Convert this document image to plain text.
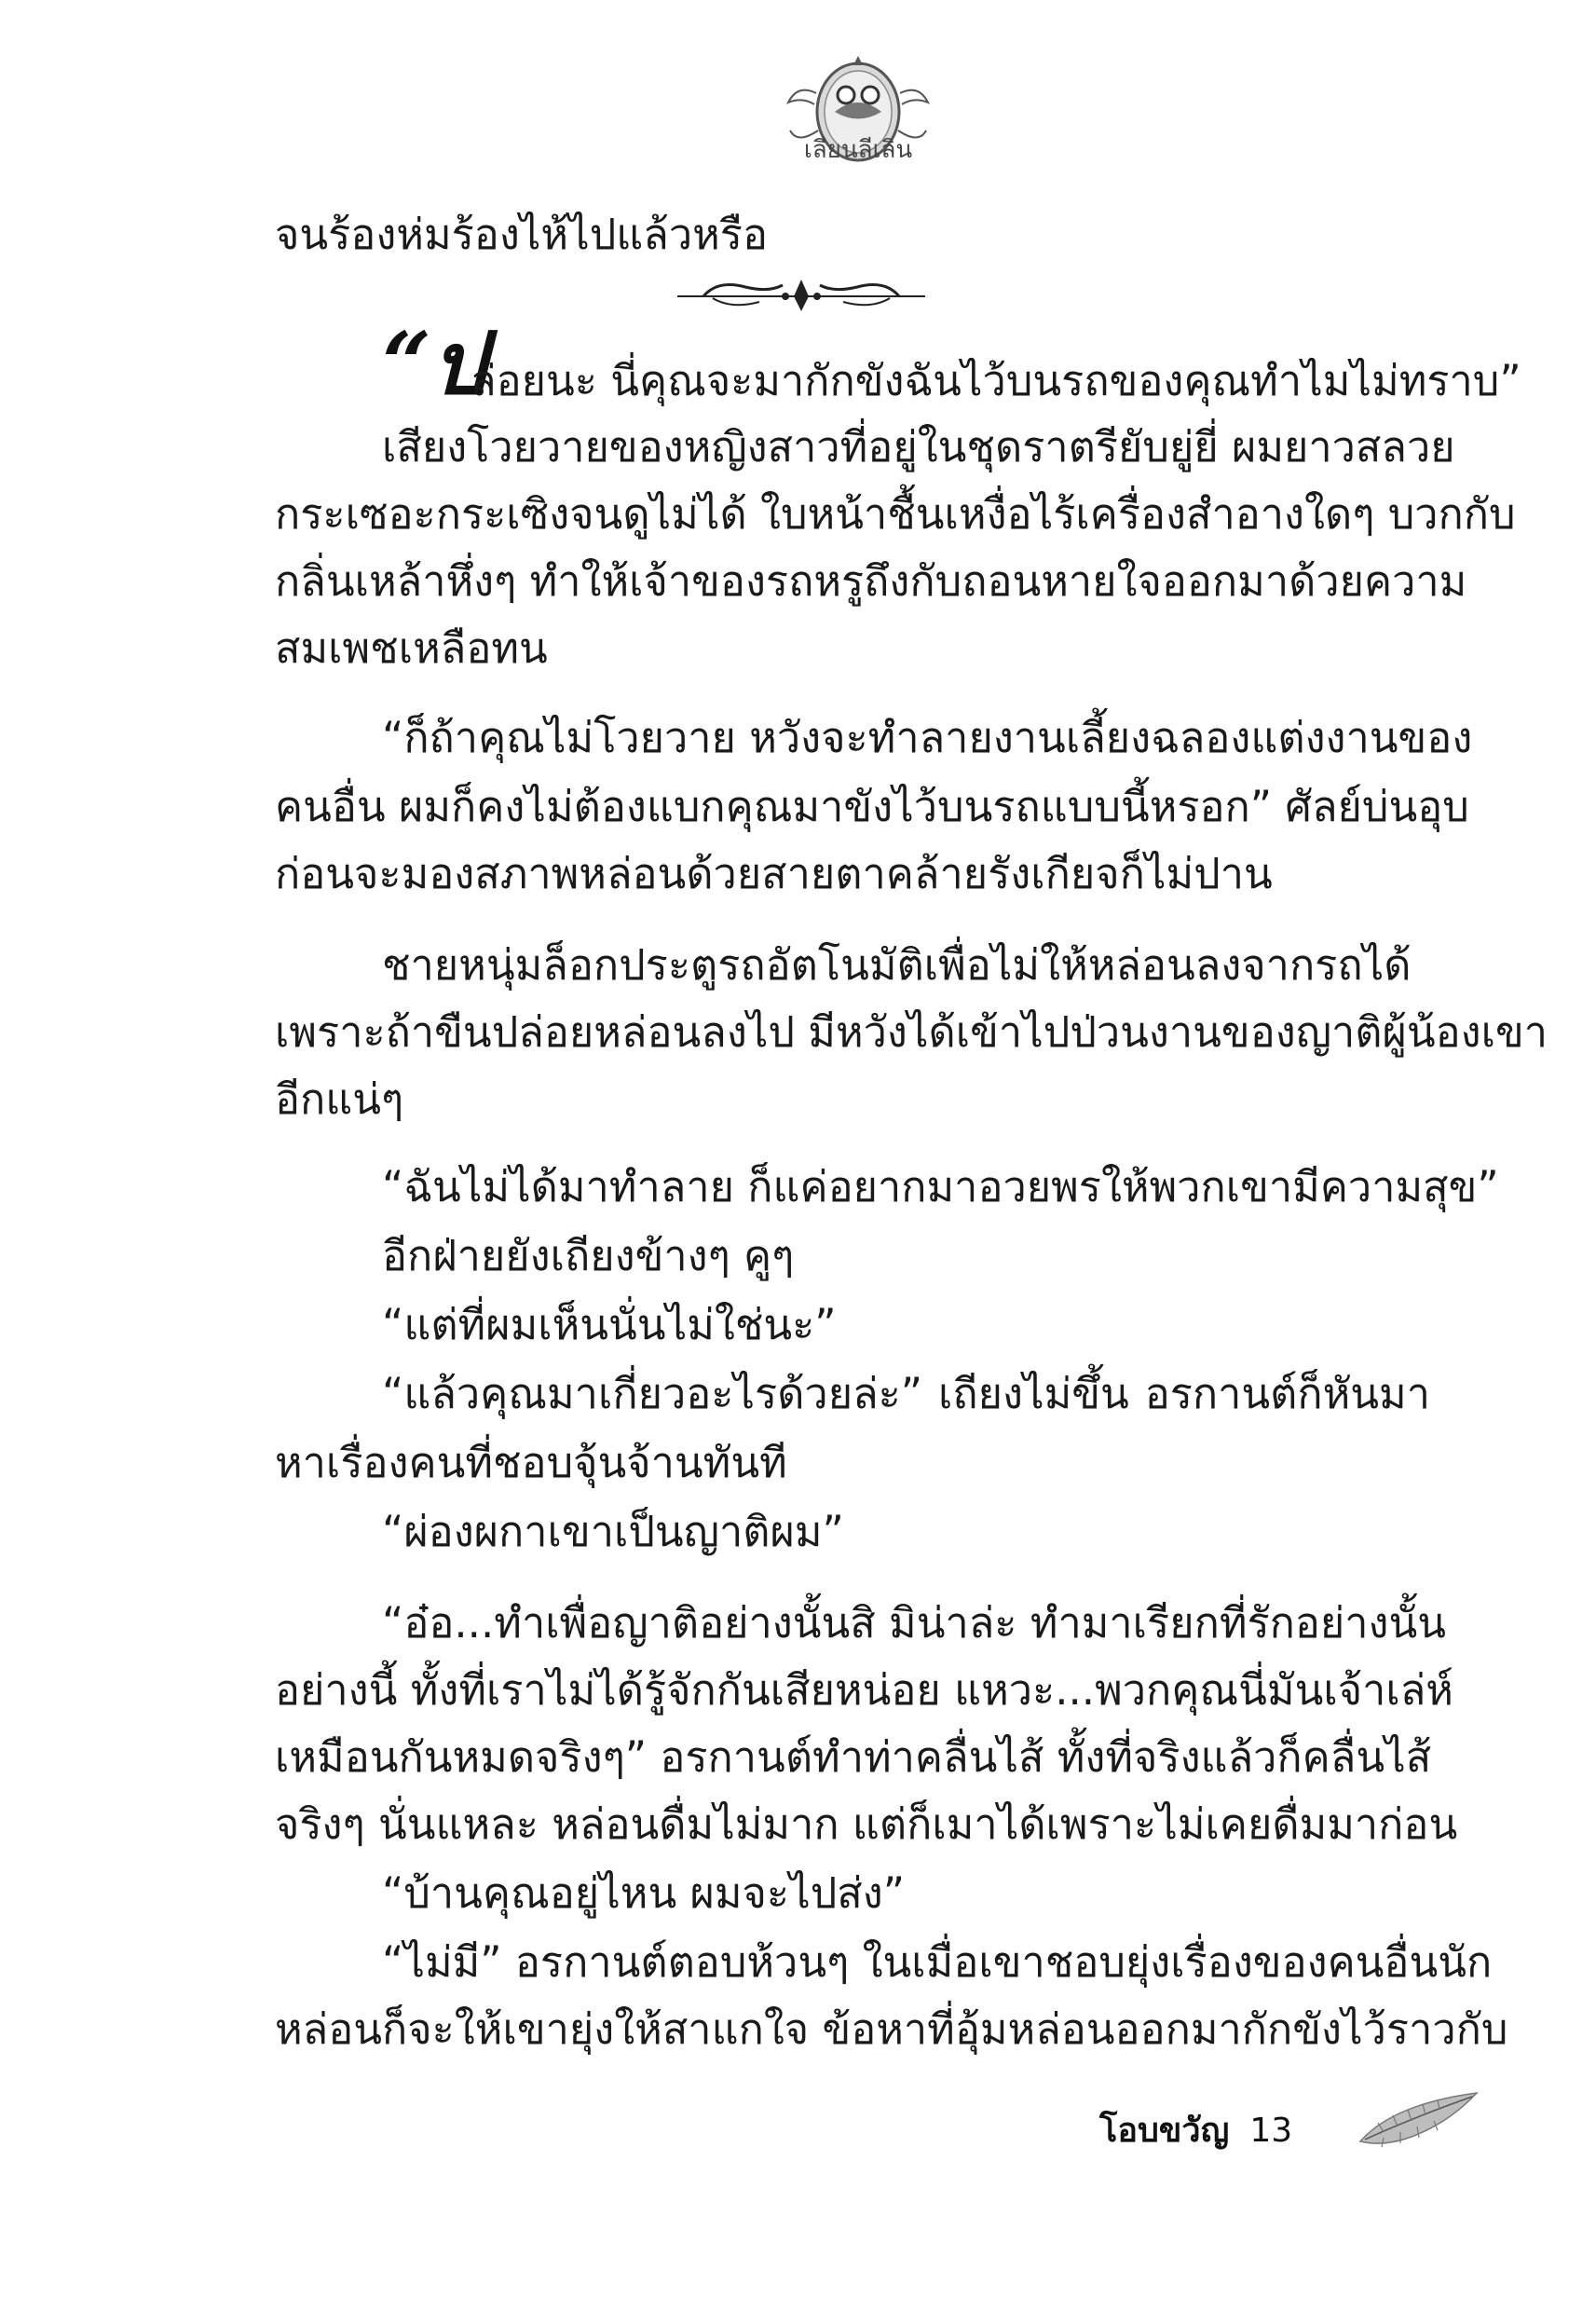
เลียนลีเลิน
จนร้องห่มร้องไห้ไปแล้วหรือ
“ป
ล่อยนะ นี่คุณจะมากักขังฉันไว้บนรถของคุณทำไมไม่ทราบ”
เสียงโวยวายของหญิงสาวที่อยู่ในชุดราตรียับยู่ยี่ ผมยาวสลวย
กระเซอะกระเซิงจนดูไม่ได้ ใบหน้าชื้นเหงื่อไร้เครื่องสำอางใดๆ บวกกับ
กลิ่นเหล้าหึ่งๆ ทำให้เจ้าของรถหรูถึงกับถอนหายใจออกมาด้วยความ
สมเพชเหลือทน
“ก็ถ้าคุณไม่โวยวาย หวังจะทำลายงานเลี้ยงฉลองแต่งงานของ
คนอื่น ผมก็คงไม่ต้องแบกคุณมาขังไว้บนรถแบบนี้หรอก” ศัลย์บ่นอุบ
ก่อนจะมองสภาพหล่อนด้วยสายตาคล้ายรังเกียจก็ไม่ปาน
ชายหนุ่มล็อกประตูรถอัตโนมัติเพื่อไม่ให้หล่อนลงจากรถได้
เพราะถ้าขืนปล่อยหล่อนลงไป มีหวังได้เข้าไปป่วนงานของญาติผู้น้องเขา
อีกแน่ๆ
“ฉันไม่ได้มาทำลาย ก็แค่อยากมาอวยพรให้พวกเขามีความสุข”
อีกฝ่ายยังเถียงข้างๆ คูๆ
“แต่ที่ผมเห็นนั่นไม่ใช่นะ”
“แล้วคุณมาเกี่ยวอะไรด้วยล่ะ” เถียงไม่ขึ้น อรกานต์ก็หันมา
หาเรื่องคนที่ชอบจุ้นจ้านทันที
“ผ่องผกาเขาเป็นญาติผม”
“อ๋อ...ทำเพื่อญาติอย่างนั้นสิ มิน่าล่ะ ทำมาเรียกที่รักอย่างนั้น
อย่างนี้ ทั้งที่เราไม่ได้รู้จักกันเสียหน่อย แหวะ...พวกคุณนี่มันเจ้าเล่ห์
เหมือนกันหมดจริงๆ” อรกานต์ทำท่าคลื่นไส้ ทั้งที่จริงแล้วก็คลื่นไส้
จริงๆ นั่นแหละ หล่อนดื่มไม่มาก แต่ก็เมาได้เพราะไม่เคยดื่มมาก่อน
“บ้านคุณอยู่ไหน ผมจะไปส่ง”
“ไม่มี” อรกานต์ตอบห้วนๆ ในเมื่อเขาชอบยุ่งเรื่องของคนอื่นนัก
หล่อนก็จะให้เขายุ่งให้สาแกใจ ข้อหาที่อุ้มหล่อนออกมากักขังไว้ราวกับ
โอบขวัญ 13
